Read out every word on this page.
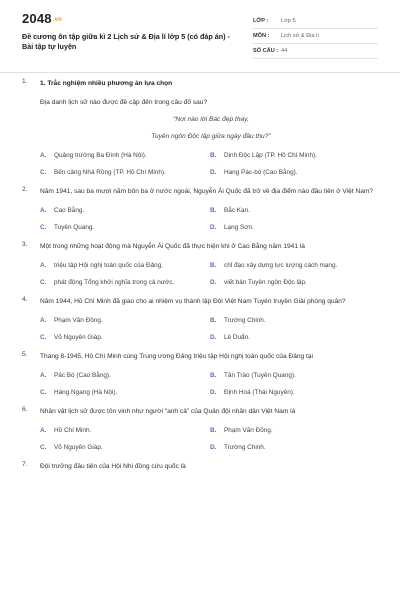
2048.vn
Đề cương ôn tập giữa kì 2 Lịch sử & Địa lí lớp 5 (có đáp án) - Bài tập tự luyện
LỚP :	Lớp 5
MÔN :	Lịch sử & Địa lí
SỐ CÂU : 44
1. 1. Trắc nghiệm nhiều phương án lựa chọn
Địa danh lịch sử nào được đề cập đến trong câu đố sau?
“Nơi nào lời Bác đẹp thay,
Tuyên ngôn Độc lập giữa ngày đầu thu?”
A.	Quảng trường Ba Đình (Hà Nội).	B.	Dinh Độc Lập (TP. Hồ Chí Minh).
C.	Bến cảng Nhà Rồng (TP. Hồ Chí Minh).	D.	Hang Pác-bó (Cao Bằng).
2. Năm 1941, sau ba mươi năm bôn ba ở nước ngoài, Nguyễn Ái Quốc đã trở về địa điểm nào đầu tiên ở Việt Nam?
A.	Cao Bằng.	B.	Bắc Kạn.
C.	Tuyên Quang.	D.	Lạng Sơn.
3. Một trong những hoạt động mà Nguyễn Ái Quốc đã thực hiện khi ở Cao Bằng năm 1941 là
A.	triệu tập Hội nghị toàn quốc của Đảng.	B.	chỉ đạo xây dựng lực lượng cách mạng.
C.	phát động Tổng khởi nghĩa trong cả nước.	D.	viết bản Tuyên ngôn Độc lập.
4. Năm 1944, Hồ Chí Minh đã giao cho ai nhiệm vụ thành lập Đội Việt Nam Tuyên truyền Giải phóng quân?
A.	Phạm Văn Đồng.	B.	Trường Chinh.
C.	Võ Nguyên Giáp.	D.	Lê Duẩn.
5. Tháng 8-1945, Hồ Chí Minh cùng Trung ương Đảng triệu tập Hội nghị toàn quốc của Đảng tại
A.	Pác Bó (Cao Bằng).	B.	Tân Trào (Tuyên Quang).
C.	Hàng Ngang (Hà Nội).	D.	Định Hoá (Thái Nguyên).
6. Nhân vật lịch sử được tôn vinh như người “anh cả” của Quân đội nhân dân Việt Nam là
A.	Hồ Chí Minh.	B.	Phạm Văn Đồng.
C.	Võ Nguyên Giáp.	D.	Trường Chinh.
7. Đội trưởng đầu tiên của Hội Nhi đồng cứu quốc là
